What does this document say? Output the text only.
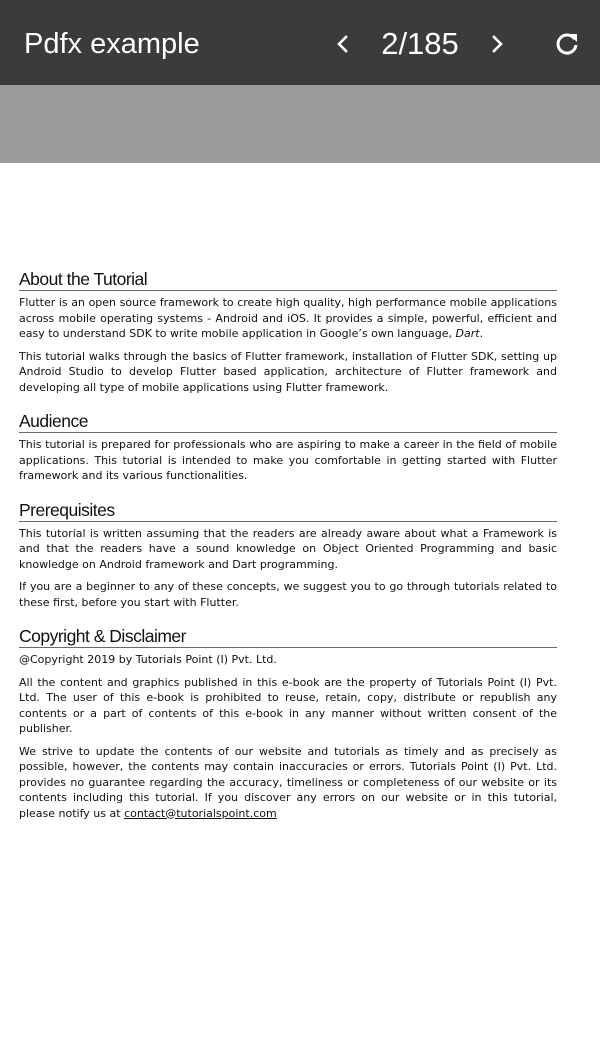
Pdfx example	2/185
About the Tutorial

Flutter is an open source framework to create high quality, high performance mobile applications across mobile operating systems - Android and iOS. It provides a simple, powerful, efficient and easy to understand SDK to write mobile application in Google’s own language, Dart.

This tutorial walks through the basics of Flutter framework, installation of Flutter SDK, setting up Android Studio to develop Flutter based application, architecture of Flutter framework and developing all type of mobile applications using Flutter framework.

Audience

This tutorial is prepared for professionals who are aspiring to make a career in the field of mobile applications. This tutorial is intended to make you comfortable in getting started with Flutter framework and its various functionalities.

Prerequisites

This tutorial is written assuming that the readers are already aware about what a Framework is and that the readers have a sound knowledge on Object Oriented Programming and basic knowledge on Android framework and Dart programming.

If you are a beginner to any of these concepts, we suggest you to go through tutorials related to these first, before you start with Flutter.

Copyright & Disclaimer

@Copyright 2019 by Tutorials Point (I) Pvt. Ltd.

All the content and graphics published in this e-book are the property of Tutorials Point (I) Pvt. Ltd. The user of this e-book is prohibited to reuse, retain, copy, distribute or republish any contents or a part of contents of this e-book in any manner without written consent of the publisher.

We strive to update the contents of our website and tutorials as timely and as precisely as possible, however, the contents may contain inaccuracies or errors. Tutorials Point (I) Pvt. Ltd. provides no guarantee regarding the accuracy, timeliness or completeness of our website or its contents including this tutorial. If you discover any errors on our website or in this tutorial, please notify us at contact@tutorialspoint.com
